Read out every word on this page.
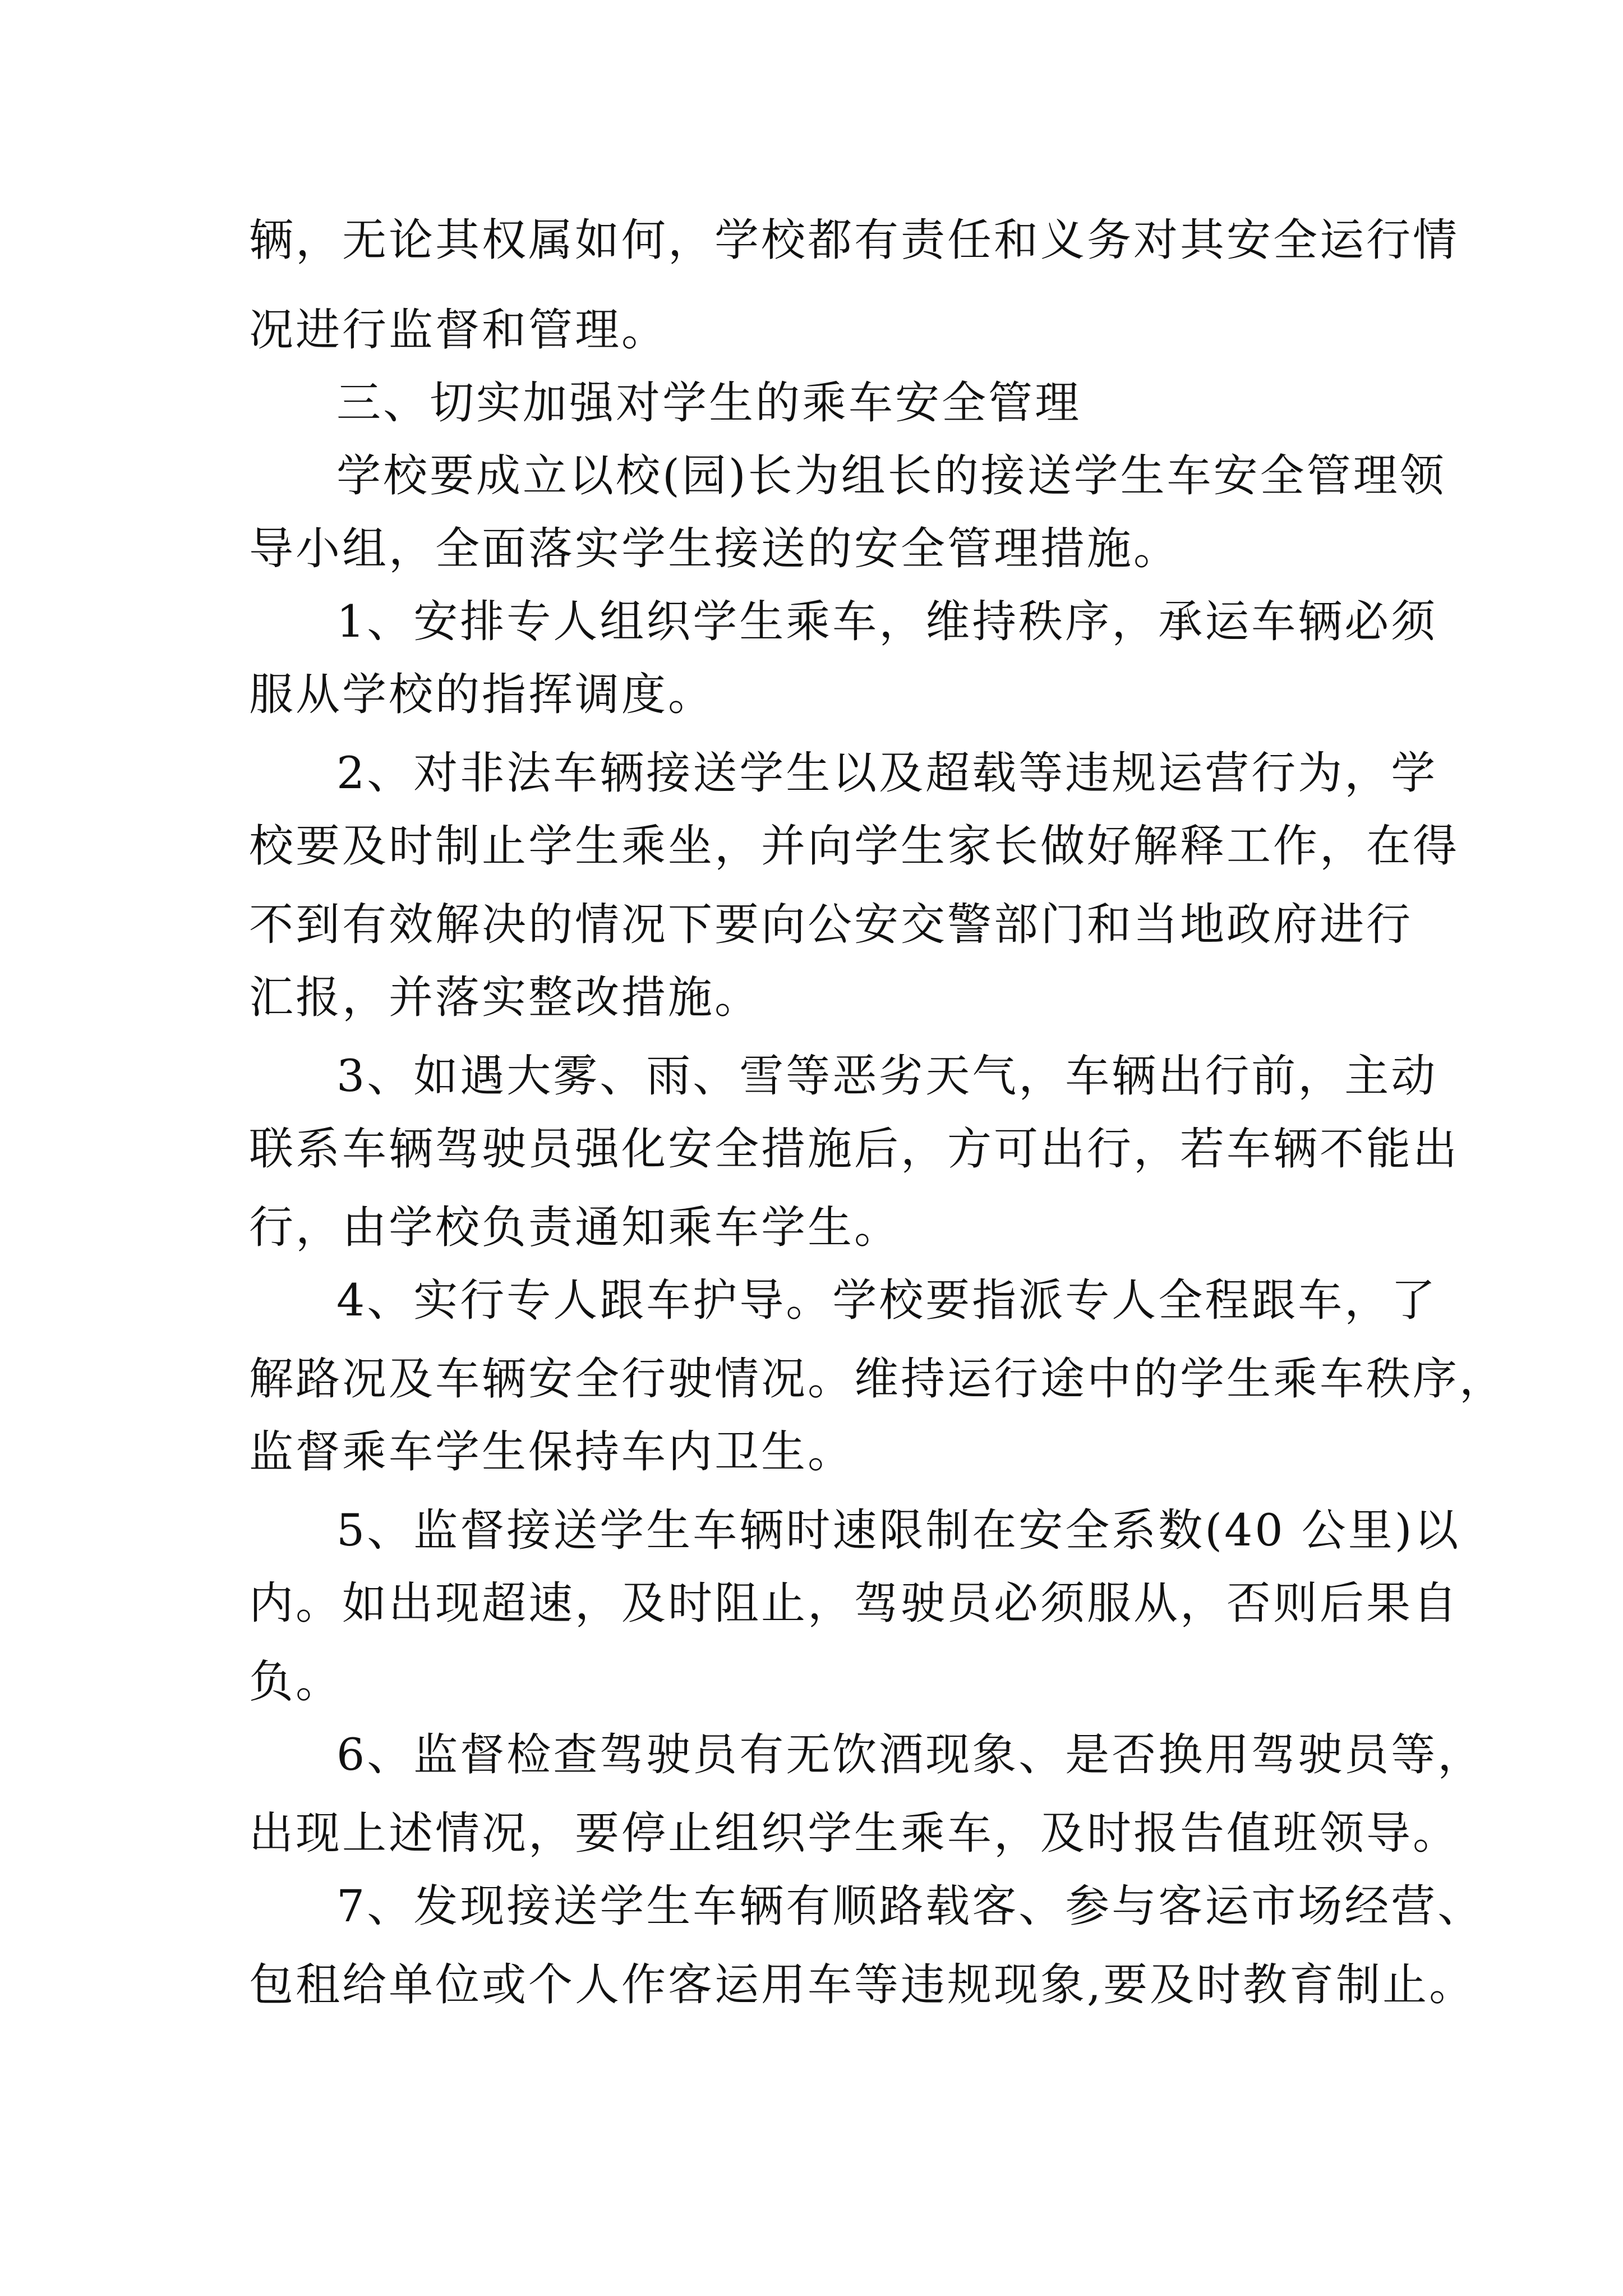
辆，无论其权属如何，学校都有责任和义务对其安全运行情
况进行监督和管理。
三、切实加强对学生的乘车安全管理
学校要成立以校(园)长为组长的接送学生车安全管理领
导小组，全面落实学生接送的安全管理措施。
1、安排专人组织学生乘车，维持秩序，承运车辆必须
服从学校的指挥调度。
2、对非法车辆接送学生以及超载等违规运营行为，学
校要及时制止学生乘坐，并向学生家长做好解释工作，在得
不到有效解决的情况下要向公安交警部门和当地政府进行
汇报，并落实整改措施。
3、如遇大雾、雨、雪等恶劣天气，车辆出行前，主动
联系车辆驾驶员强化安全措施后，方可出行，若车辆不能出
行，由学校负责通知乘车学生。
4、实行专人跟车护导。学校要指派专人全程跟车，了
解路况及车辆安全行驶情况。维持运行途中的学生乘车秩序，
监督乘车学生保持车内卫生。
5、监督接送学生车辆时速限制在安全系数(40 公里)以
内。如出现超速，及时阻止，驾驶员必须服从，否则后果自
负。
6、监督检查驾驶员有无饮酒现象、是否换用驾驶员等，
出现上述情况，要停止组织学生乘车，及时报告值班领导。
7、发现接送学生车辆有顺路载客、参与客运市场经营、
包租给单位或个人作客运用车等违规现象,要及时教育制止。
